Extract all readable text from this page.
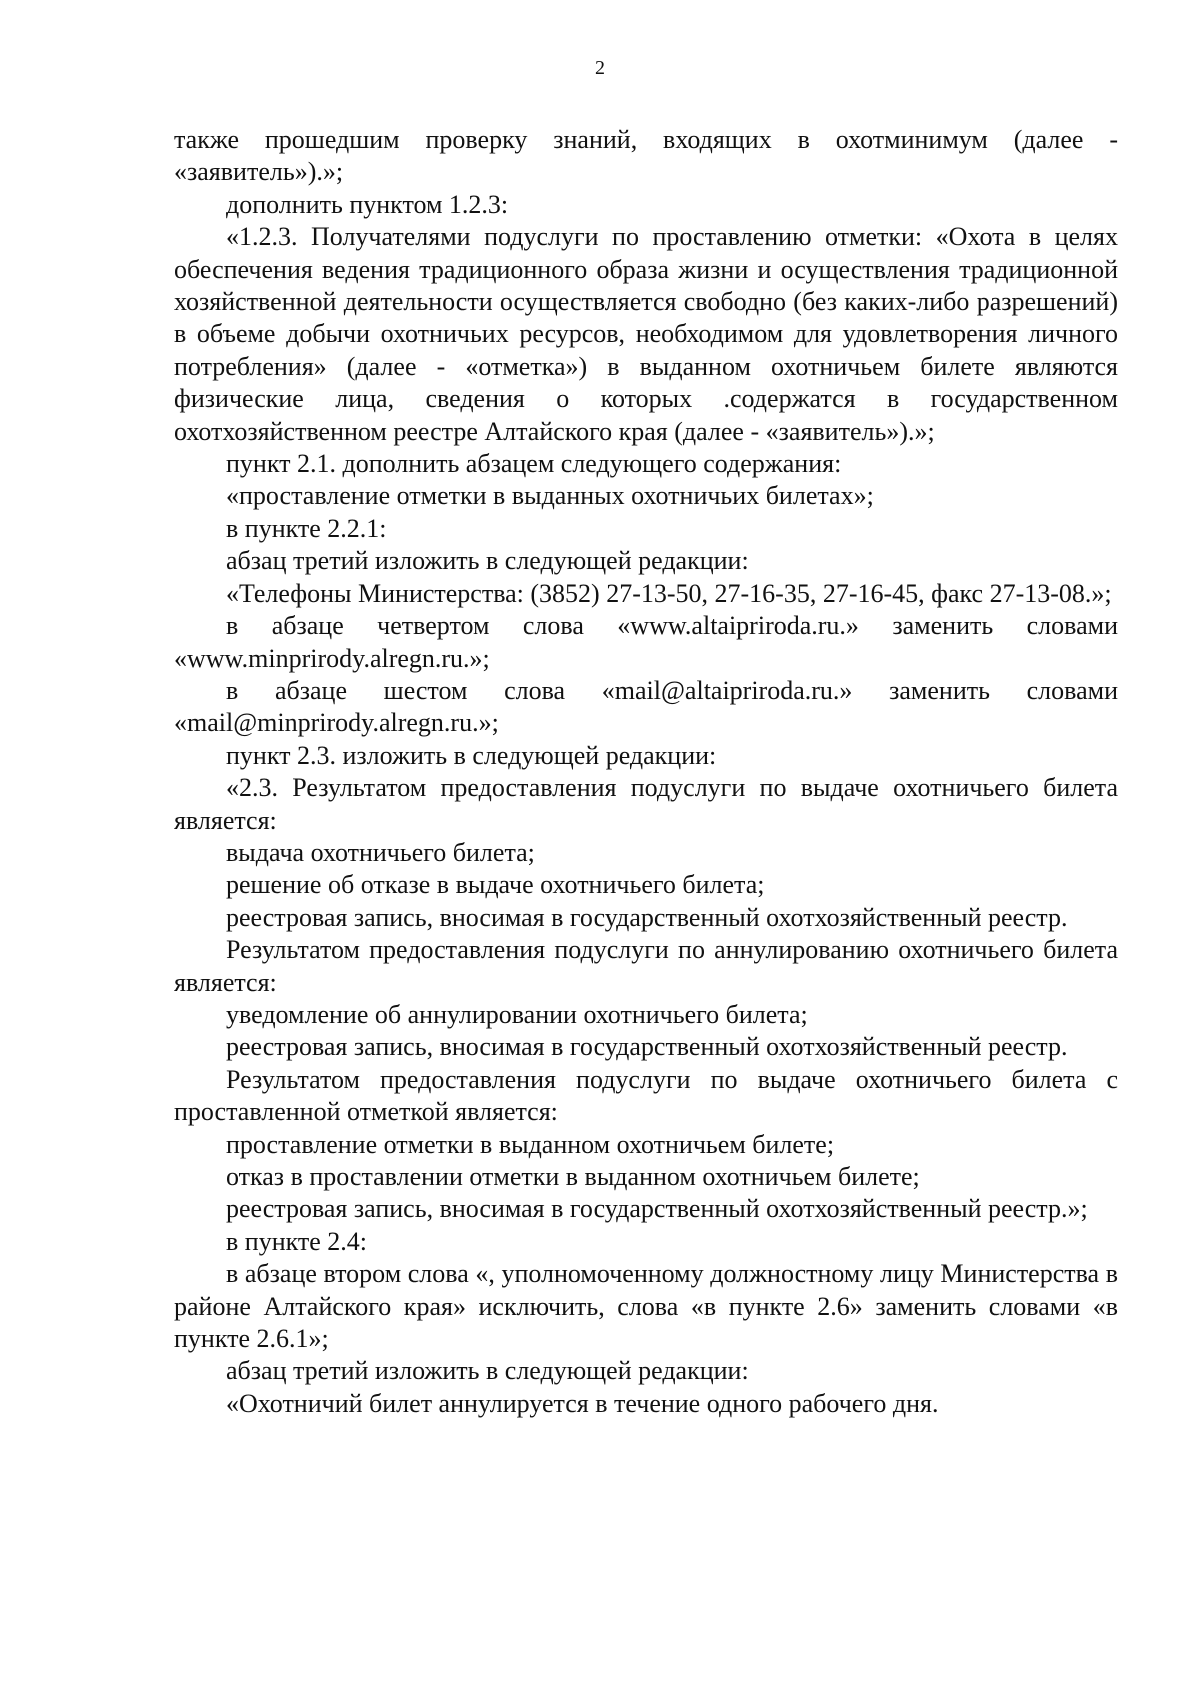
2

также прошедшим проверку знаний, входящих в охотминимум (далее - «заявитель»).»;

дополнить пунктом 1.2.3:

«1.2.3. Получателями подуслуги по проставлению отметки: «Охота в целях обеспечения ведения традиционного образа жизни и осуществления традиционной хозяйственной деятельности осуществляется свободно (без каких-либо разрешений) в объеме добычи охотничьих ресурсов, необходимом для удовлетворения личного потребления» (далее - «отметка») в выданном охотничьем билете являются физические лица, сведения о которых .содержатся в государственном охотхозяйственном реестре Алтайского края (далее - «заявитель»).»;

пункт 2.1. дополнить абзацем следующего содержания:

«проставление отметки в выданных охотничьих билетах»;

в пункте 2.2.1:

абзац третий изложить в следующей редакции:

«Телефоны Министерства: (3852) 27-13-50, 27-16-35, 27-16-45, факс 27-13-08.»;

в абзаце четвертом слова «www.altaipriroda.ru.» заменить словами «www.minprirody.alregn.ru.»;

в абзаце шестом слова «mail@altaipriroda.ru.» заменить словами «mail@minprirody.alregn.ru.»;

пункт 2.3. изложить в следующей редакции:

«2.3. Результатом предоставления подуслуги по выдаче охотничьего билета является:

выдача охотничьего билета;

решение об отказе в выдаче охотничьего билета;

реестровая запись, вносимая в государственный охотхозяйственный реестр.

Результатом предоставления подуслуги по аннулированию охотничьего билета является:

уведомление об аннулировании охотничьего билета;

реестровая запись, вносимая в государственный охотхозяйственный реестр.

Результатом предоставления подуслуги по выдаче охотничьего билета с проставленной отметкой является:

проставление отметки в выданном охотничьем билете;

отказ в проставлении отметки в выданном охотничьем билете;

реестровая запись, вносимая в государственный охотхозяйственный реестр.»;

в пункте 2.4:

в абзаце втором слова «, уполномоченному должностному лицу Министерства в районе Алтайского края» исключить, слова «в пункте 2.6» заменить словами «в пункте 2.6.1»;

абзац третий изложить в следующей редакции:

«Охотничий билет аннулируется в течение одного рабочего дня.
